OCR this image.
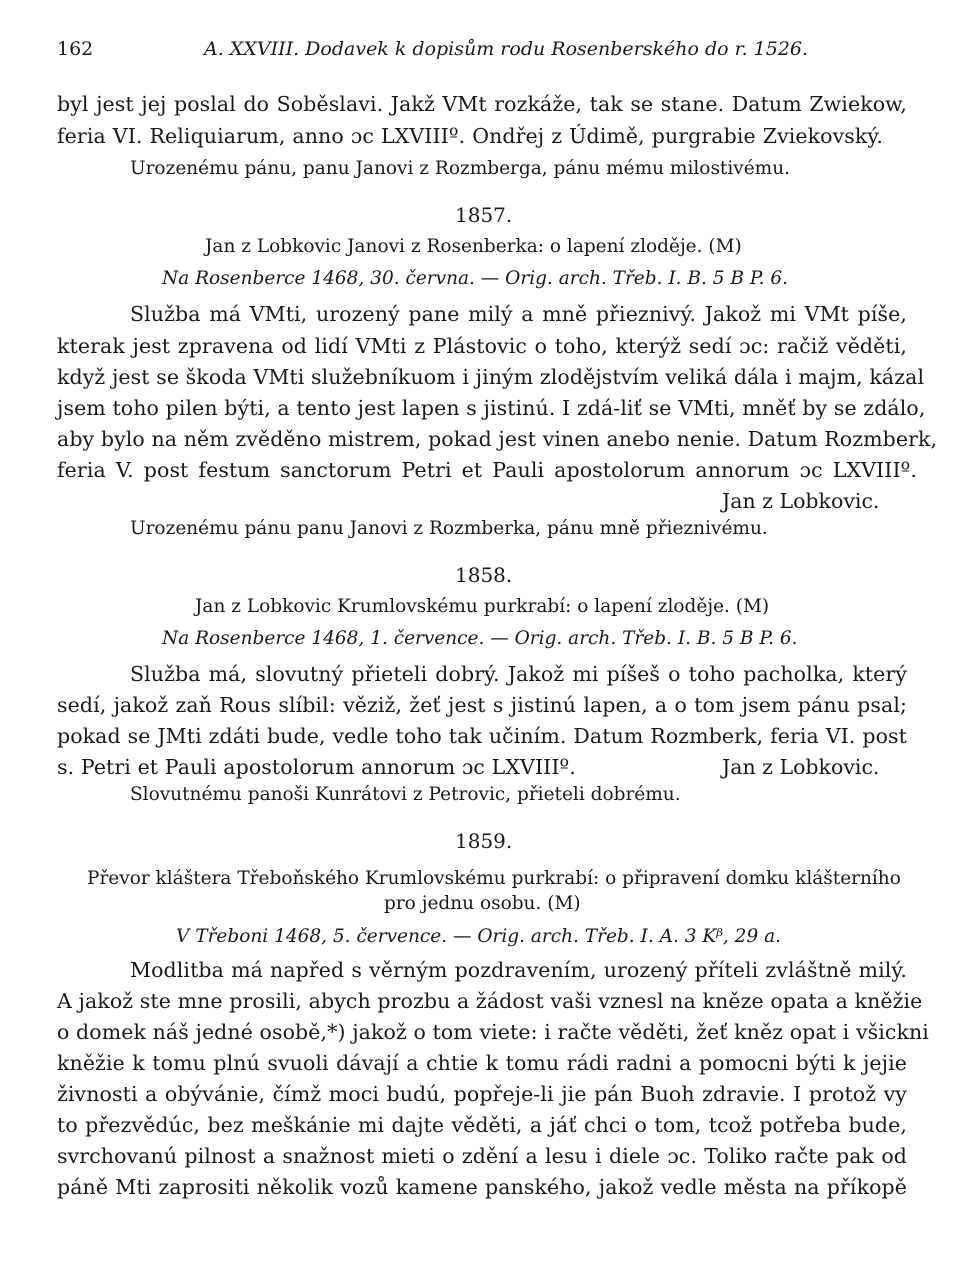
162	A. XXVIII. Dodavek k dopisům rodu Rosenberského do r. 1526.
byl jest jej poslal do Soběslavi. Jakž VMt rozkáže, tak se stane. Datum Zwiekow,
feria VI. Reliquiarum, anno ɔc LXVIIIº. Ondřej z Údimě, purgrabie Zviekovský.
Urozenému pánu, panu Janovi z Rozmberga, pánu mému milostivému.
1857.
Jan z Lobkovic Janovi z Rosenberka: o lapení zloděje. (M)
Na Rosenberce 1468, 30. června. — Orig. arch. Třeb. I. B. 5 B P. 6.
Služba má VMti, urozený pane milý a mně přieznivý. Jakož mi VMt píše,
kterak jest zpravena od lidí VMti z Plástovic o toho, kterýž sedí ɔc: račiž věděti,
když jest se škoda VMti služebníkuom i jiným zlodějstvím veliká dála i majm, kázal
jsem toho pilen býti, a tento jest lapen s jistinú. I zdá-liť se VMti, mněť by se zdálo,
aby bylo na něm zvěděno mistrem, pokad jest vinen anebo nenie. Datum Rozmberk,
feria V. post festum sanctorum Petri et Pauli apostolorum annorum ɔc LXVIIIº.
Jan z Lobkovic.
Urozenému pánu panu Janovi z Rozmberka, pánu mně přieznivému.
1858.
Jan z Lobkovic Krumlovskému purkrabí: o lapení zloděje. (M)
Na Rosenberce 1468, 1. července. — Orig. arch. Třeb. I. B. 5 B P. 6.
Služba má, slovutný přieteli dobrý. Jakož mi píšeš o toho pacholka, který
sedí, jakož zaň Rous slíbil: věziž, žeť jest s jistinú lapen, a o tom jsem pánu psal;
pokad se JMti zdáti bude, vedle toho tak učiním. Datum Rozmberk, feria VI. post
s. Petri et Pauli apostolorum annorum ɔc LXVIIIº.	Jan z Lobkovic.
Slovutnému panoši Kunrátovi z Petrovic, přieteli dobrému.
1859.
Převor kláštera Třeboňského Krumlovskému purkrabí: o připravení domku klášterního
pro jednu osobu. (M)
V Třeboni 1468, 5. července. — Orig. arch. Třeb. I. A. 3 Kᵝ, 29 a.
Modlitba má napřed s věrným pozdravením, urozený příteli zvláštně milý.
A jakož ste mne prosili, abych prozbu a žádost vaši vznesl na kněze opata a kněžie
o domek náš jedné osobě,*) jakož o tom viete: i račte věděti, žeť kněz opat i všickni
kněžie k tomu plnú svuoli dávají a chtie k tomu rádi radni a pomocni býti k jejie
živnosti a obývánie, čímž moci budú, popřeje-li jie pán Buoh zdravie. I protož vy
to přezvědúc, bez meškánie mi dajte věděti, a jáť chci o tom, tcož potřeba bude,
svrchovanú pilnost a snažnost mieti o zdění a lesu i diele ɔc. Toliko račte pak od
páně Mti zaprositi několik vozů kamene panského, jakož vedle města na příkopě
